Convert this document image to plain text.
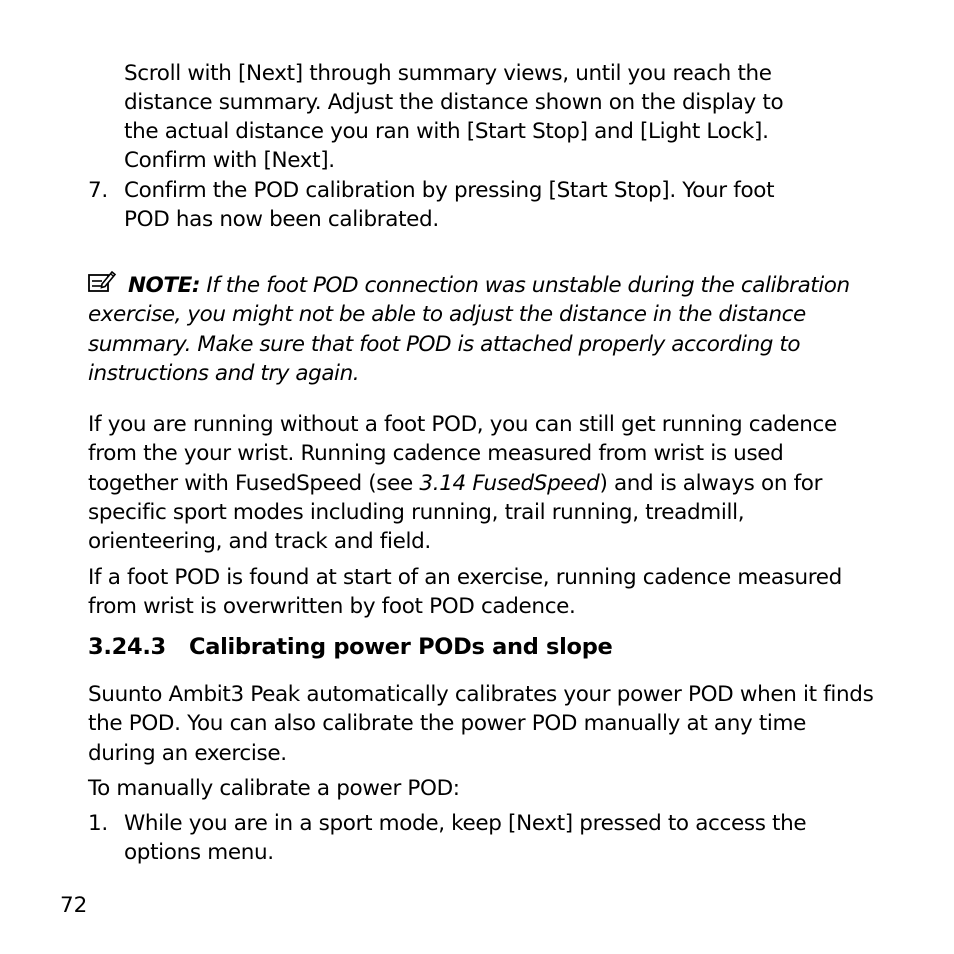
Scroll with [Next] through summary views, until you reach the
distance summary. Adjust the distance shown on the display to
the actual distance you ran with [Start Stop] and [Light Lock].
Confirm with [Next].
7. Confirm the POD calibration by pressing [Start Stop]. Your foot
POD has now been calibrated.
NOTE: If the foot POD connection was unstable during the calibration exercise, you might not be able to adjust the distance in the distance summary. Make sure that foot POD is attached properly according to instructions and try again.
If you are running without a foot POD, you can still get running cadence from the your wrist. Running cadence measured from wrist is used together with FusedSpeed (see 3.14 FusedSpeed) and is always on for specific sport modes including running, trail running, treadmill, orienteering, and track and field.
If a foot POD is found at start of an exercise, running cadence measured from wrist is overwritten by foot POD cadence.
3.24.3 Calibrating power PODs and slope
Suunto Ambit3 Peak automatically calibrates your power POD when it finds the POD. You can also calibrate the power POD manually at any time during an exercise.
To manually calibrate a power POD:
1. While you are in a sport mode, keep [Next] pressed to access the
options menu.
72
